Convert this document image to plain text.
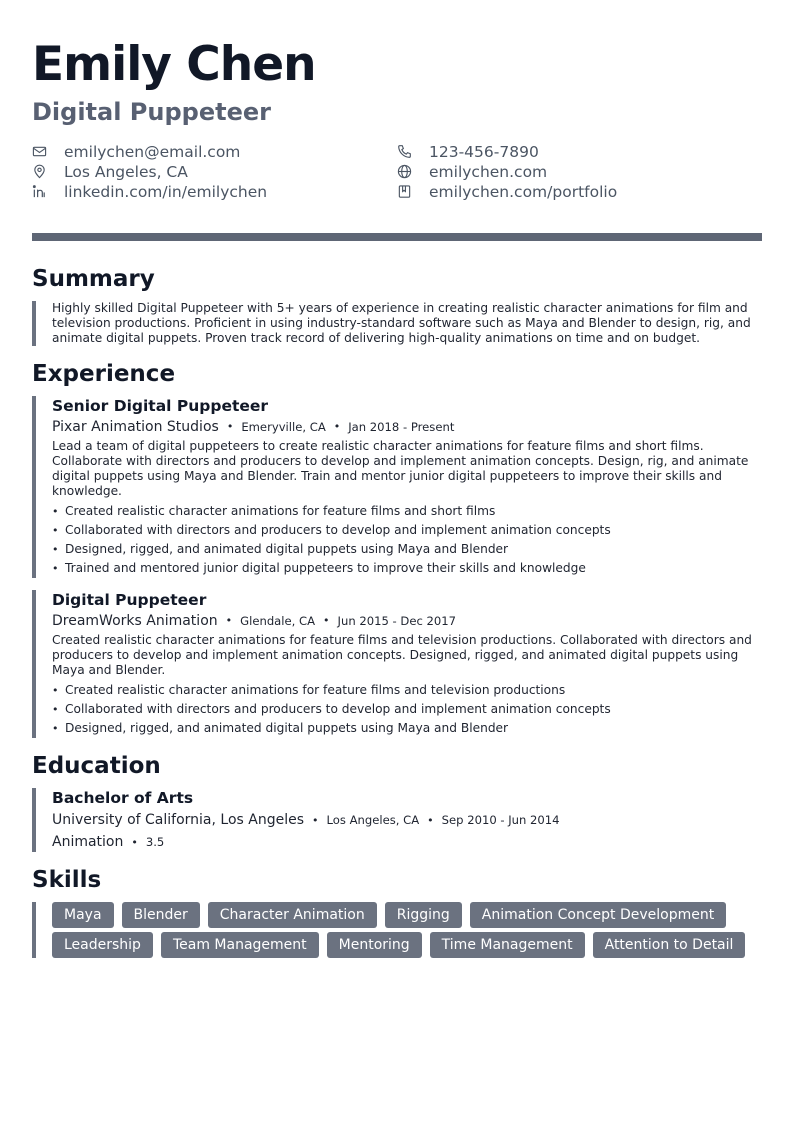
Emily Chen
Digital Puppeteer
emilychen@email.com	123-456-7890
Los Angeles, CA	emilychen.com
linkedin.com/in/emilychen	emilychen.com/portfolio
Summary

Highly skilled Digital Puppeteer with 5+ years of experience in creating realistic character animations for film and television productions. Proficient in using industry-standard software such as Maya and Blender to design, rig, and animate digital puppets. Proven track record of delivering high-quality animations on time and on budget.

Experience
Senior Digital Puppeteer
Pixar Animation Studios • Emeryville, CA • Jan 2018 - Present

Lead a team of digital puppeteers to create realistic character animations for feature films and short films. Collaborate with directors and producers to develop and implement animation concepts. Design, rig, and animate digital puppets using Maya and Blender. Train and mentor junior digital puppeteers to improve their skills and knowledge.

• Created realistic character animations for feature films and short films
• Collaborated with directors and producers to develop and implement animation concepts
• Designed, rigged, and animated digital puppets using Maya and Blender
• Trained and mentored junior digital puppeteers to improve their skills and knowledge
Digital Puppeteer
DreamWorks Animation • Glendale, CA • Jun 2015 - Dec 2017

Created realistic character animations for feature films and television productions. Collaborated with directors and producers to develop and implement animation concepts. Designed, rigged, and animated digital puppets using Maya and Blender.

• Created realistic character animations for feature films and television productions
• Collaborated with directors and producers to develop and implement animation concepts
• Designed, rigged, and animated digital puppets using Maya and Blender
Education
Bachelor of Arts
University of California, Los Angeles • Los Angeles, CA • Sep 2010 - Jun 2014
Animation • 3.5
Skills
Maya	Blender	Character Animation	Rigging	Animation Concept Development
Leadership	Team Management	Mentoring	Time Management	Attention to Detail
